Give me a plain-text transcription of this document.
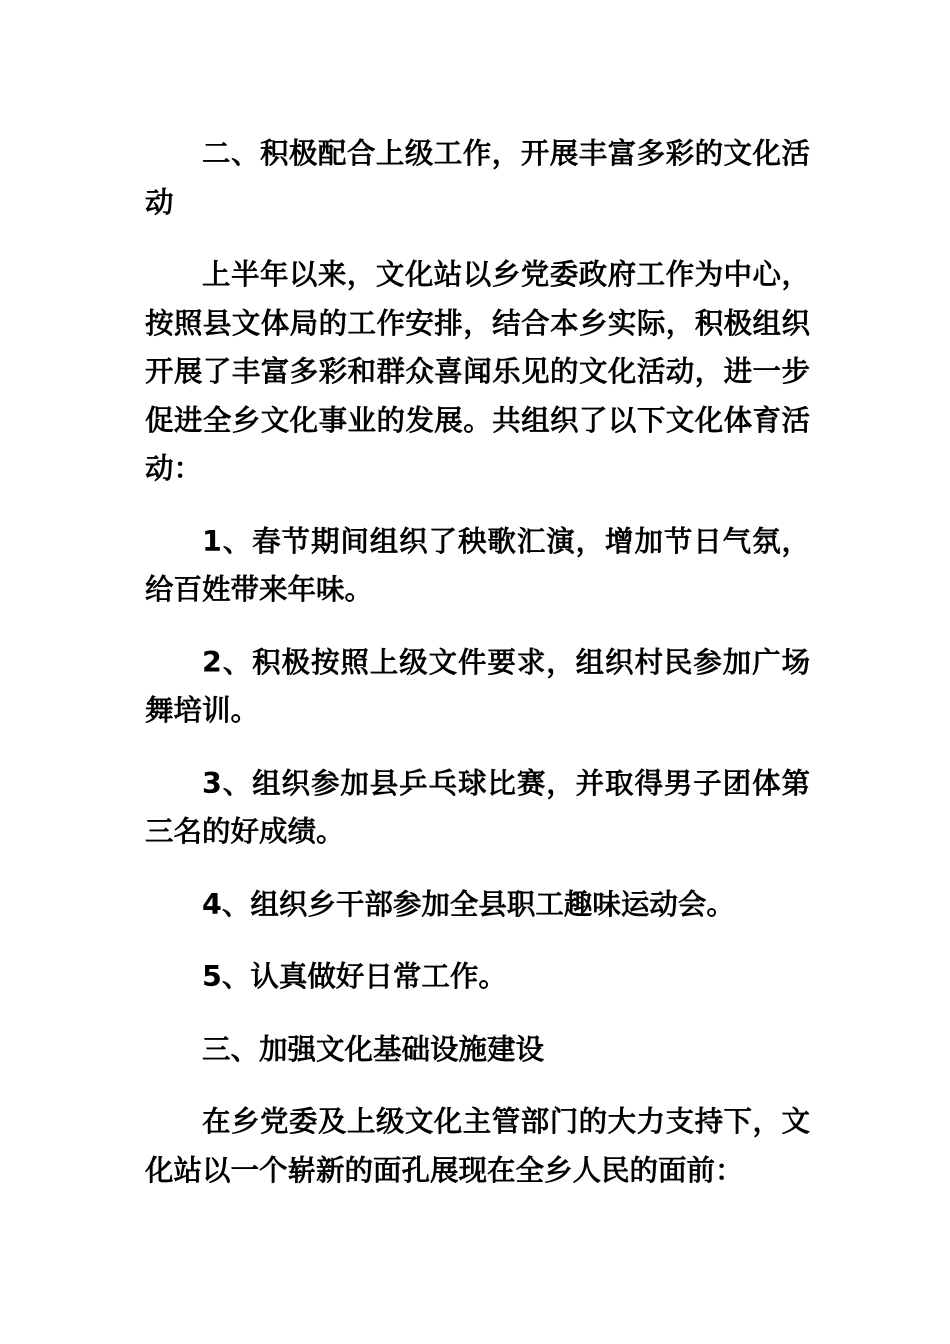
二、积极配合上级工作，开展丰富多彩的文化活动

上半年以来，文化站以乡党委政府工作为中心，按照县文体局的工作安排，结合本乡实际，积极组织开展了丰富多彩和群众喜闻乐见的文化活动，进一步促进全乡文化事业的发展。共组织了以下文化体育活动：

1、春节期间组织了秧歌汇演，增加节日气氛，给百姓带来年味。

2、积极按照上级文件要求，组织村民参加广场舞培训。

3、组织参加县乒乓球比赛，并取得男子团体第三名的好成绩。

4、组织乡干部参加全县职工趣味运动会。

5、认真做好日常工作。

三、加强文化基础设施建设

在乡党委及上级文化主管部门的大力支持下，文化站以一个崭新的面孔展现在全乡人民的面前：
